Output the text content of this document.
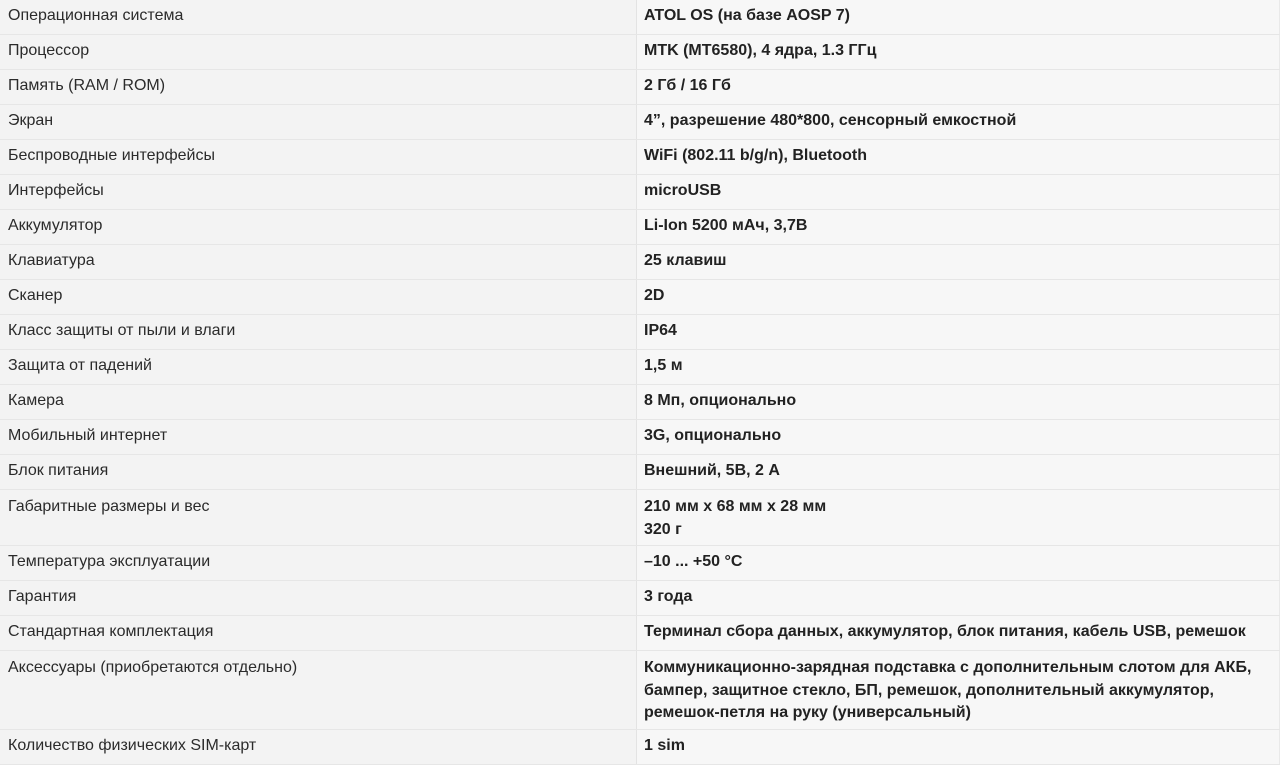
Операционная система	ATOL OS (на базе AOSP 7)

Процессор	MTK (MT6580), 4 ядра, 1.3 ГГц

Память (RAM / ROM)	2 Гб / 16 Гб

Экран	4”, разрешение 480*800, сенсорный емкостной

Беспроводные интерфейсы	WiFi (802.11 b/g/n), Bluetooth

Интерфейсы	microUSB

Аккумулятор	Li-Ion 5200 мАч, 3,7В

Клавиатура	25 клавиш

Сканер	2D

Класс защиты от пыли и влаги	IP64

Защита от падений	1,5 м

Камера	8 Мп, опционально

Мобильный интернет	3G, опционально

Блок питания	Внешний, 5В, 2 А

Габаритные размеры и вес	210 мм х 68 мм х 28 мм
320 г

Температура эксплуатации	–10 ... +50 °С

Гарантия	3 года

Стандартная комплектация	Терминал сбора данных, аккумулятор, блок питания, кабель USB, ремешок

Аксессуары (приобретаются отдельно)	Коммуникационно-зарядная подставка с дополнительным слотом для АКБ,
бампер, защитное стекло, БП, ремешок, дополнительный аккумулятор,
ремешок-петля на руку (универсальный)

Количество физических SIM-карт	1 sim
